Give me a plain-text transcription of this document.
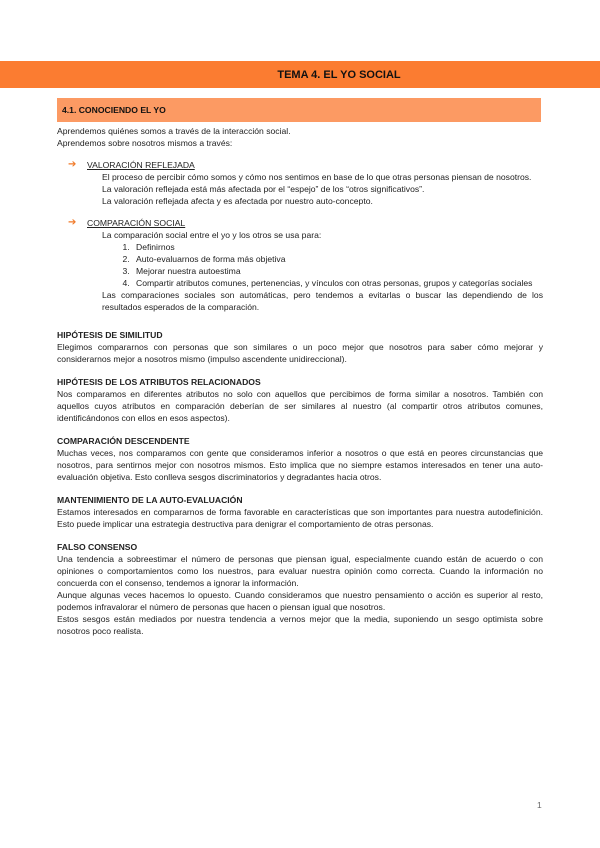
TEMA 4. EL YO SOCIAL
4.1. CONOCIENDO EL YO

Aprendemos quiénes somos a través de la interacción social.

Aprendemos sobre nosotros mismos a través:

➔ VALORACIÓN REFLEJADA

El proceso de percibir cómo somos y cómo nos sentimos en base de lo que otras personas piensan de nosotros.

La valoración reflejada está más afectada por el “espejo” de los “otros significativos”.

La valoración reflejada afecta y es afectada por nuestro auto-concepto.

➔ COMPARACIÓN SOCIAL

La comparación social entre el yo y los otros se usa para:

1. Definirnos
2. Auto-evaluarnos de forma más objetiva
3. Mejorar nuestra autoestima
4. Compartir atributos comunes, pertenencias, y vínculos con otras personas, grupos y categorías sociales

Las comparaciones sociales son automáticas, pero tendemos a evitarlas o buscar las dependiendo de los resultados esperados de la comparación.

HIPÓTESIS DE SIMILITUD

Elegimos compararnos con personas que son similares o un poco mejor que nosotros para saber cómo mejorar y considerarnos mejor a nosotros mismo (impulso ascendente unidireccional).

HIPÓTESIS DE LOS ATRIBUTOS RELACIONADOS

Nos comparamos en diferentes atributos no solo con aquellos que percibimos de forma similar a nosotros. También con aquellos cuyos atributos en comparación deberían de ser similares al nuestro (al compartir otros atributos comunes, identificándonos con ellos en esos aspectos).

COMPARACIÓN DESCENDENTE

Muchas veces, nos comparamos con gente que consideramos inferior a nosotros o que está en peores circunstancias que nosotros, para sentirnos mejor con nosotros mismos. Esto implica que no siempre estamos interesados en tener una auto-evaluación objetiva. Esto conlleva sesgos discriminatorios y degradantes hacia otros.

MANTENIMIENTO DE LA AUTO-EVALUACIÓN

Estamos interesados en compararnos de forma favorable en características que son importantes para nuestra autodefinición. Esto puede implicar una estrategia destructiva para denigrar el comportamiento de otras personas.

FALSO CONSENSO

Una tendencia a sobreestimar el número de personas que piensan igual, especialmente cuando están de acuerdo o con opiniones o comportamientos como los nuestros, para evaluar nuestra opinión como correcta. Cuando la información no concuerda con el consenso, tendemos a ignorar la información.

Aunque algunas veces hacemos lo opuesto. Cuando consideramos que nuestro pensamiento o acción es superior al resto, podemos infravalorar el número de personas que hacen o piensan igual que nosotros.

Estos sesgos están mediados por nuestra tendencia a vernos mejor que la media, suponiendo un sesgo optimista sobre nosotros poco realista.

1
